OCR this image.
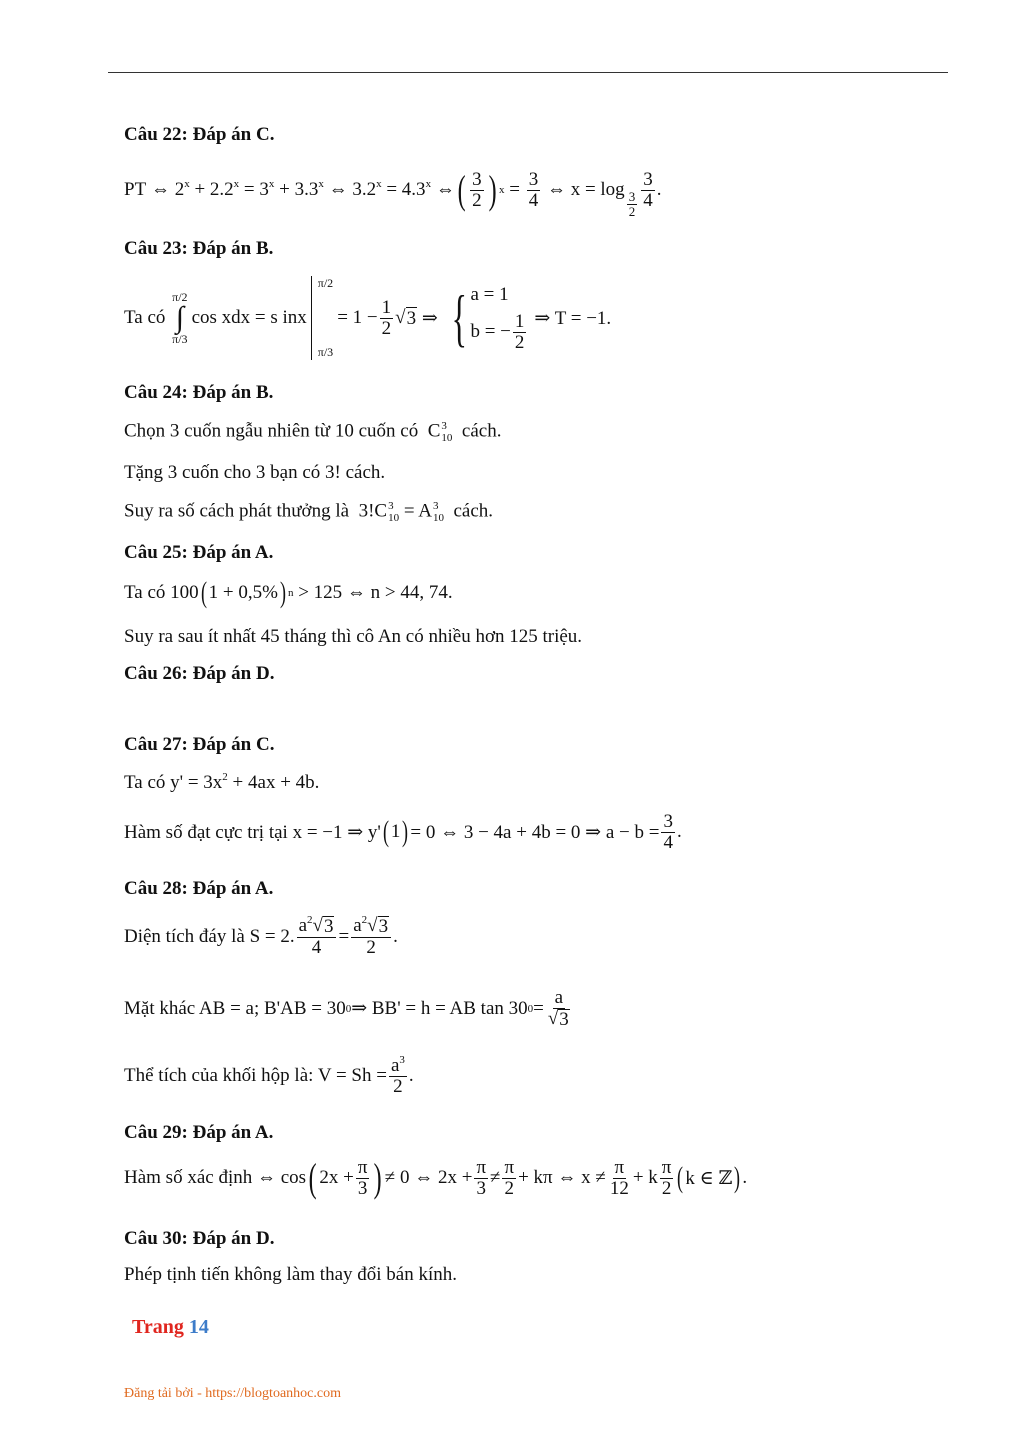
Câu 22: Đáp án C.
PT
⇔ $2^x + 2.2^x = 3^x + 3.3^x$ ⇔ $3.2^x = 4.3^x$ ⇔ ( $\frac{3}{2}$ ) $x = \frac{3}{4}$
⇔ x = log
$\frac{3}{2} \frac{3}{4}$ .
Câu 23: Đáp án B.
Ta có

π/2
∫
π/3
cos xdx = s inx
π/2
π/3
= $1 - \frac{1}{2}$ √ 3
⇒ { a = 1
b = − $\frac{1}{2}$ ⇒ T = −1.
Câu 24: Đáp án B.
Chọn 3 cuốn ngẫu nhiên từ 10 cuốn có C 3
10 cách.
Tặng 3 cuốn cho 3 bạn có 3! cách.
Suy ra số cách phát thưởng là  3!C 3
10 = A 3
10 cách.
Câu 25: Đáp án A.
Ta có 100 ( 1 + 0,5% ) n
> 125 ⇔ n > 44, 74.
Suy ra sau ít nhất 45 tháng thì cô An có nhiều hơn 125 triệu.
Câu 26: Đáp án D.
Câu 27: Đáp án C.
Ta có $y' = 3x^2 + 4ax + 4b$.
Hàm số đạt cực trị tại x = −1 ⇒ y' ( 1 ) = 0 ⇔ 3 − 4a + 4b = 0 ⇒ $a - b = \frac{3}{4}$ .
Câu 28: Đáp án A.
Diện tích đáy là S = 2. $\frac{a^2√ 3}{4} = \frac{a^2√ 3}{2}$ .
Mặt khác AB = a; B'AB = 30 0 ⇒ BB' = h = AB tan 30 $0 = \frac{a}{√ 3}$
Thể tích của khối hộp là: $V = Sh = \frac{a^3}{2}$ .
Câu 29: Đáp án A.
Hàm số xác định ⇔ cos ( $2x + \frac{\pi}{3}$ ) ≠ 0 ⇔ $2x + \frac{\pi}{3} \ne \frac{\pi}{2} + k\pi$ ⇔ $x \ne \frac{\pi}{12} + k \frac{\pi}{2}$ ( k ∈ ℤ ) .
Câu 30: Đáp án D.
Phép tịnh tiến không làm thay đổi bán kính.
Trang 14
Đăng tải bởi - https://blogtoanhoc.com
